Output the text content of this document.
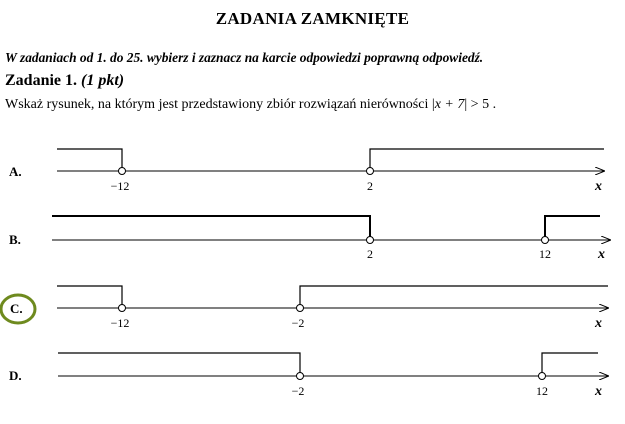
ZADANIA ZAMKNIĘTE
W zadaniach od 1. do 25. wybierz i zaznacz na karcie odpowiedzi poprawną odpowiedź.
Zadanie 1. (1 pkt)
Wskaż rysunek, na którym jest przedstawiony zbiór rozwiązań nierówności |x + 7| > 5 .
A.
−12	2	x
B.
2	12	x
C.
−12	−2	x
D.
−2	12	x
